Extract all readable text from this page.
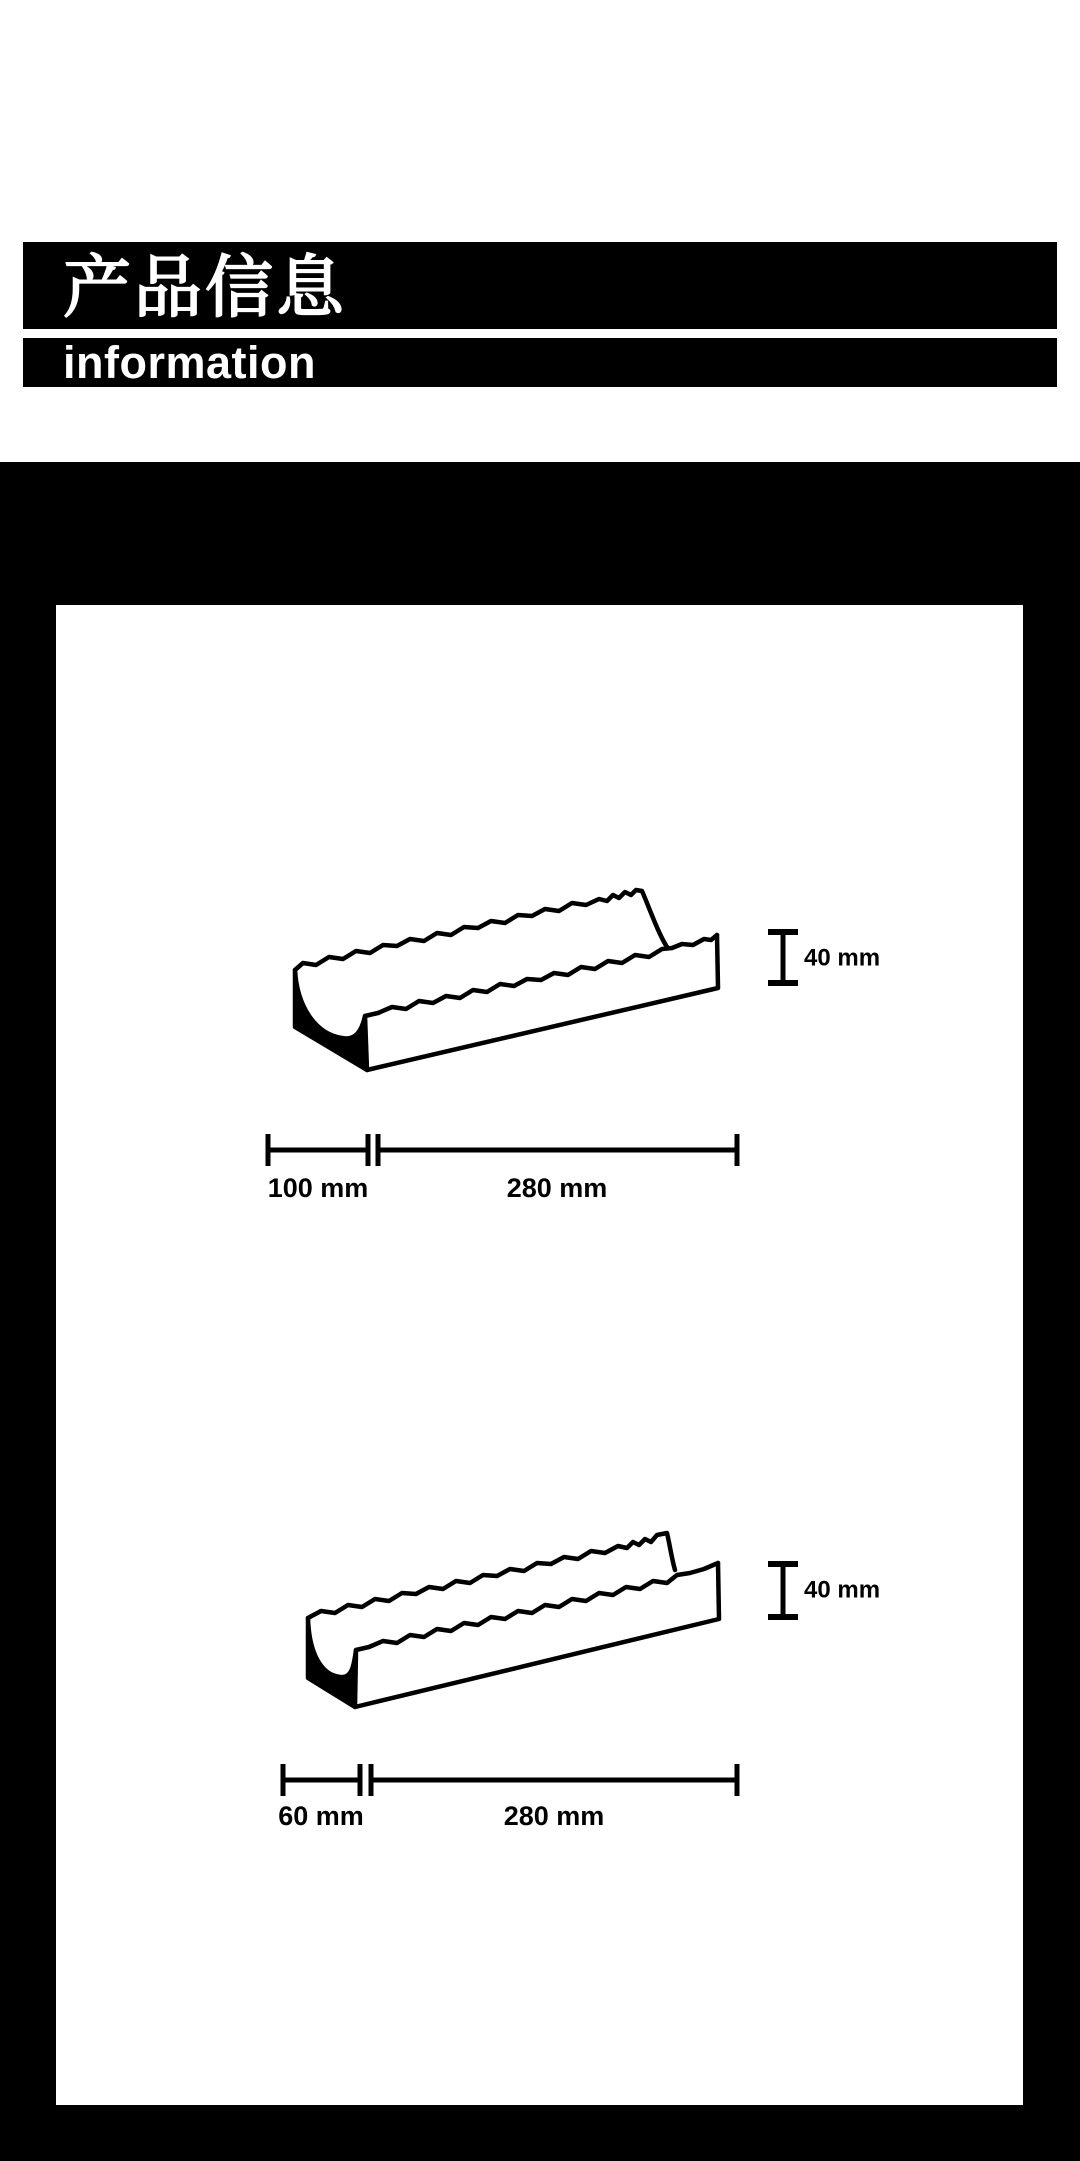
产品信息
information
40 mm
100 mm	280 mm
40 mm
60 mm	280 mm
